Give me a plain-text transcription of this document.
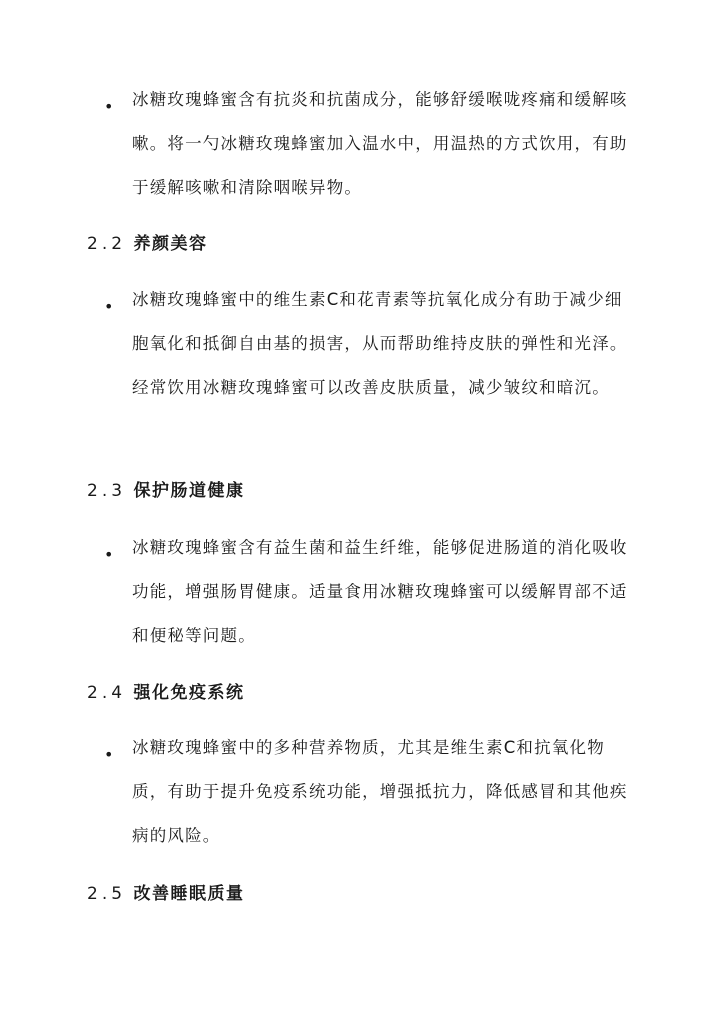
• 冰糖玫瑰蜂蜜含有抗炎和抗菌成分，能够舒缓喉咙疼痛和缓解咳嗽。将一勺冰糖玫瑰蜂蜜加入温水中，用温热的方式饮用，有助于缓解咳嗽和清除咽喉异物。
2.2 养颜美容
• 冰糖玫瑰蜂蜜中的维生素C和花青素等抗氧化成分有助于减少细胞氧化和抵御自由基的损害，从而帮助维持皮肤的弹性和光泽。经常饮用冰糖玫瑰蜂蜜可以改善皮肤质量，减少皱纹和暗沉。
2.3 保护肠道健康
• 冰糖玫瑰蜂蜜含有益生菌和益生纤维，能够促进肠道的消化吸收功能，增强肠胃健康。适量食用冰糖玫瑰蜂蜜可以缓解胃部不适和便秘等问题。
2.4 强化免疫系统
• 冰糖玫瑰蜂蜜中的多种营养物质，尤其是维生素C和抗氧化物质，有助于提升免疫系统功能，增强抵抗力，降低感冒和其他疾病的风险。
2.5 改善睡眠质量
